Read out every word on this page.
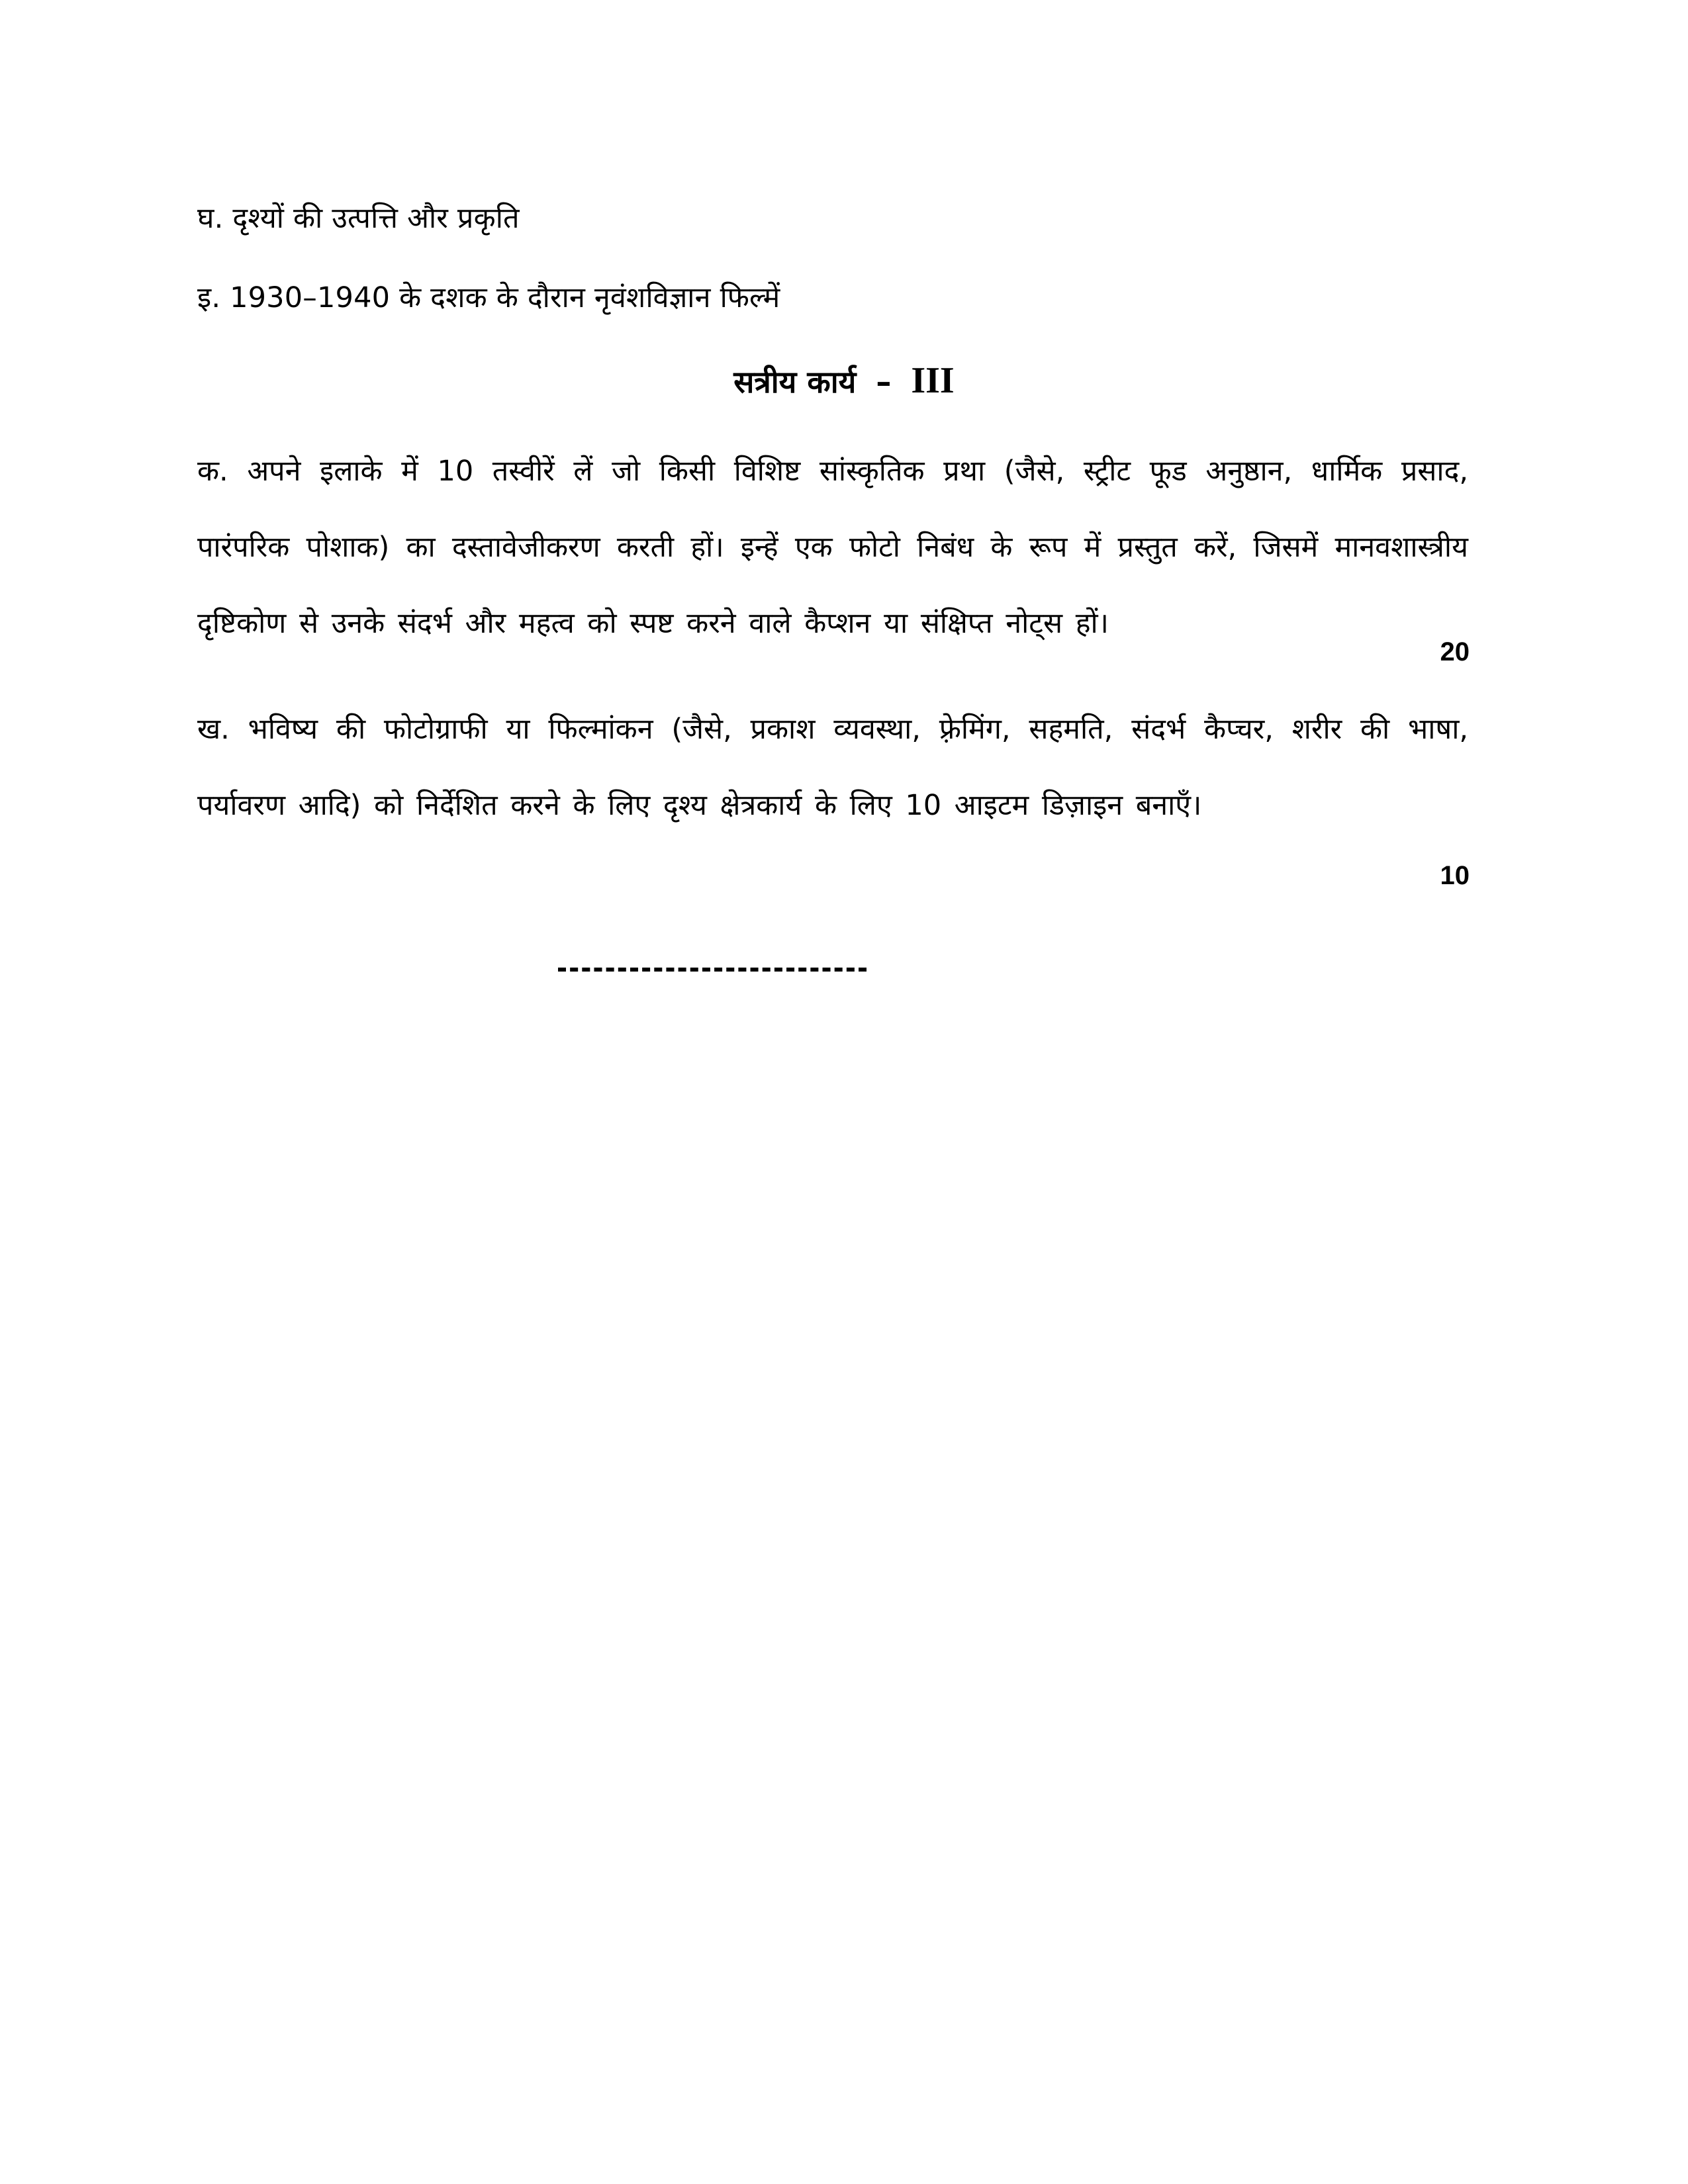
घ. दृश्यों की उत्पत्ति और प्रकृति
इ. 1930–1940 के दशक के दौरान नृवंशविज्ञान फिल्में
सत्रीय कार्य – III
क. अपने इलाके में 10 तस्वीरें लें जो किसी विशिष्ट सांस्कृतिक प्रथा (जैसे, स्ट्रीट फूड अनुष्ठान, धार्मिक प्रसाद, पारंपरिक पोशाक) का दस्तावेजीकरण करती हों। इन्हें एक फोटो निबंध के रूप में प्रस्तुत करें, जिसमें मानवशास्त्रीय दृष्टिकोण से उनके संदर्भ और महत्व को स्पष्ट करने वाले कैप्शन या संक्षिप्त नोट्स हों।
20
ख. भविष्य की फोटोग्राफी या फिल्मांकन (जैसे, प्रकाश व्यवस्था, फ़्रेमिंग, सहमति, संदर्भ कैप्चर, शरीर की भाषा, पर्यावरण आदि) को निर्देशित करने के लिए दृश्य क्षेत्रकार्य के लिए 10 आइटम डिज़ाइन बनाएँ।
10
